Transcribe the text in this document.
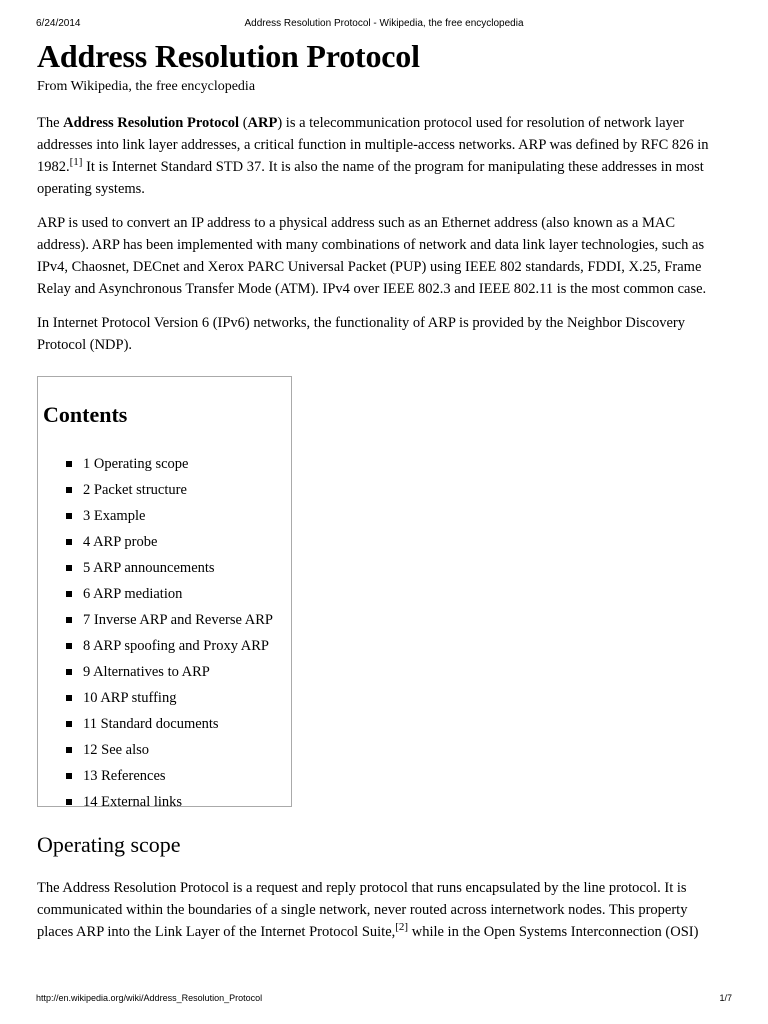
6/24/2014	Address Resolution Protocol - Wikipedia, the free encyclopedia
Address Resolution Protocol
From Wikipedia, the free encyclopedia

The Address Resolution Protocol (ARP) is a telecommunication protocol used for resolution of network layer addresses into link layer addresses, a critical function in multiple-access networks. ARP was defined by RFC 826 in 1982.[1] It is Internet Standard STD 37. It is also the name of the program for manipulating these addresses in most operating systems.

ARP is used to convert an IP address to a physical address such as an Ethernet address (also known as a MAC address). ARP has been implemented with many combinations of network and data link layer technologies, such as IPv4, Chaosnet, DECnet and Xerox PARC Universal Packet (PUP) using IEEE 802 standards, FDDI, X.25, Frame Relay and Asynchronous Transfer Mode (ATM). IPv4 over IEEE 802.3 and IEEE 802.11 is the most common case.

In Internet Protocol Version 6 (IPv6) networks, the functionality of ARP is provided by the Neighbor Discovery Protocol (NDP).

Contents
1 Operating scope
2 Packet structure
3 Example
4 ARP probe
5 ARP announcements
6 ARP mediation
7 Inverse ARP and Reverse ARP
8 ARP spoofing and Proxy ARP
9 Alternatives to ARP
10 ARP stuffing
11 Standard documents
12 See also
13 References
14 External links
Operating scope

The Address Resolution Protocol is a request and reply protocol that runs encapsulated by the line protocol. It is communicated within the boundaries of a single network, never routed across internetwork nodes. This property places ARP into the Link Layer of the Internet Protocol Suite,[2] while in the Open Systems Interconnection (OSI)

http://en.wikipedia.org/wiki/Address_Resolution_Protocol	1/7
